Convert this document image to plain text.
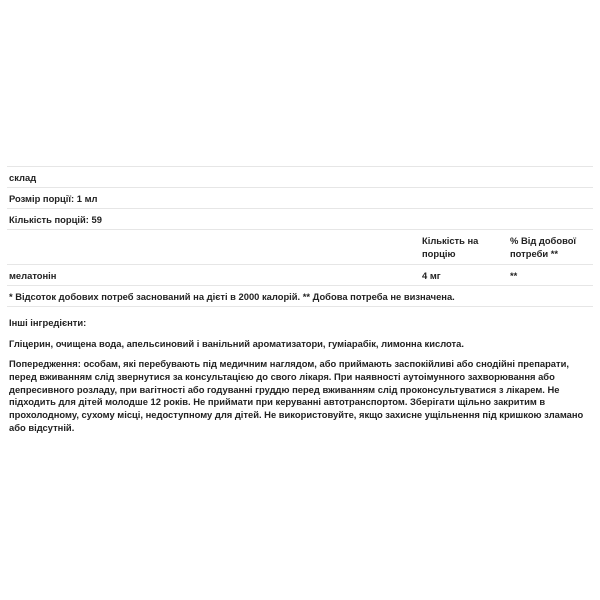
склад		
Розмір порції: 1 мл		
Кількість порцій: 59		
	Кількість на порцію	% Від добової потреби **
мелатонін	4 мг	**
* Відсоток добових потреб заснований на дієті в 2000 калорій. ** Добова потреба не визначена.		

Інші інгредієнти:

Гліцерин, очищена вода, апельсиновий і ванільний ароматизатори, гуміарабік, лимонна кислота.

Попередження: особам, які перебувають під медичним наглядом, або приймають заспокійливі або снодійні препарати, перед вживанням слід звернутися за консультацією до свого лікаря. При наявності аутоімунного захворювання або депресивного розладу, при вагітності або годуванні груддю перед вживанням слід проконсультуватися з лікарем. Не підходить для дітей молодше 12 років. Не приймати при керуванні автотранспортом. Зберігати щільно закритим в прохолодному, сухому місці, недоступному для дітей. Не використовуйте, якщо захисне ущільнення під кришкою зламано або відсутній.
